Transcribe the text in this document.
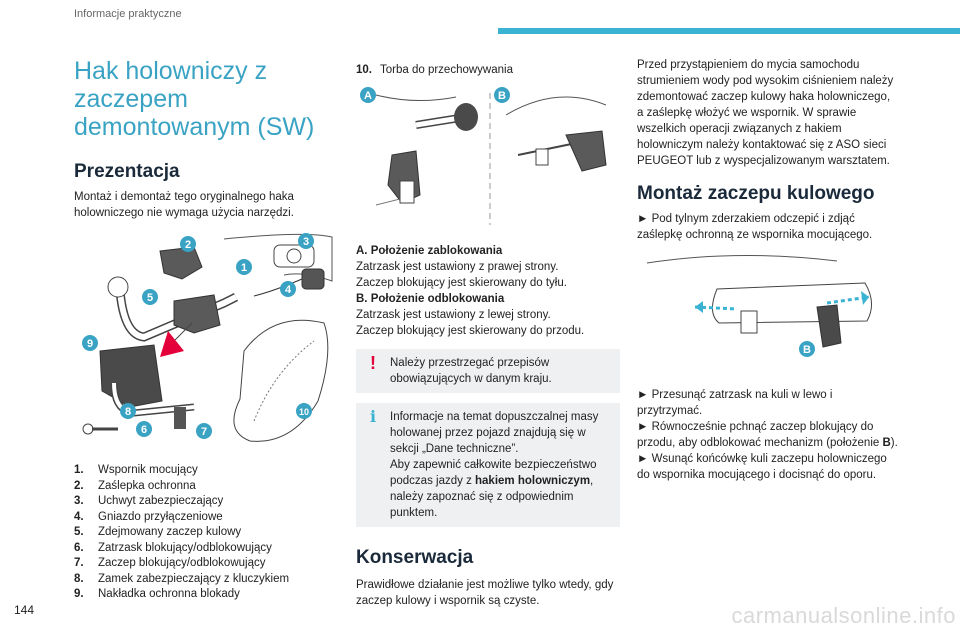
Informacje praktyczne
Hak holowniczy z zaczepem demontowanym (SW)
Prezentacja

Montaż i demontaż tego oryginalnego haka holowniczego nie wymaga użycia narzędzi.

2	3
1
4
5
9
8
6	7
10
1.	Wspornik mocujący
2.	Zaślepka ochronna
3.	Uchwyt zabezpieczający
4.	Gniazdo przyłączeniowe
5.	Zdejmowany zaczep kulowy
6.	Zatrzask blokujący/odblokowujący
7.	Zaczep blokujący/odblokowujący
8.	Zamek zabezpieczający z kluczykiem
9.	Nakładka ochronna blokady
10. Torba do przechowywania
A	B

A. Położenie zablokowania

Zatrzask jest ustawiony z prawej strony.

Zaczep blokujący jest skierowany do tyłu.

B. Położenie odblokowania

Zatrzask jest ustawiony z lewej strony.

Zaczep blokujący jest skierowany do przodu.

!	Należy przestrzegać przepisów obowiązujących w danym kraju.
i	Informacje na temat dopuszczalnej masy holowanej przez pojazd znajdują się w sekcji „Dane techniczne”.

Aby zapewnić całkowite bezpieczeństwo podczas jazdy z hakiem holowniczym, należy zapoznać się z odpowiednim punktem.

Konserwacja

Prawidłowe działanie jest możliwe tylko wtedy, gdy zaczep kulowy i wspornik są czyste.

Przed przystąpieniem do mycia samochodu strumieniem wody pod wysokim ciśnieniem należy zdemontować zaczep kulowy haka holowniczego, a zaślepkę włożyć we wspornik. W sprawie wszelkich operacji związanych z hakiem holowniczym należy kontaktować się z ASO sieci PEUGEOT lub z wyspecjalizowanym warsztatem.

Montaż zaczepu kulowego

► Pod tylnym zderzakiem odczepić i zdjąć zaślepkę ochronną ze wspornika mocującego.

B

► Przesunąć zatrzask na kuli w lewo i przytrzymać.

► Równocześnie pchnąć zaczep blokujący do przodu, aby odblokować mechanizm (położenie B).

► Wsunąć końcówkę kuli zaczepu holowniczego do wspornika mocującego i docisnąć do oporu.

144	carmanualsonline.info
